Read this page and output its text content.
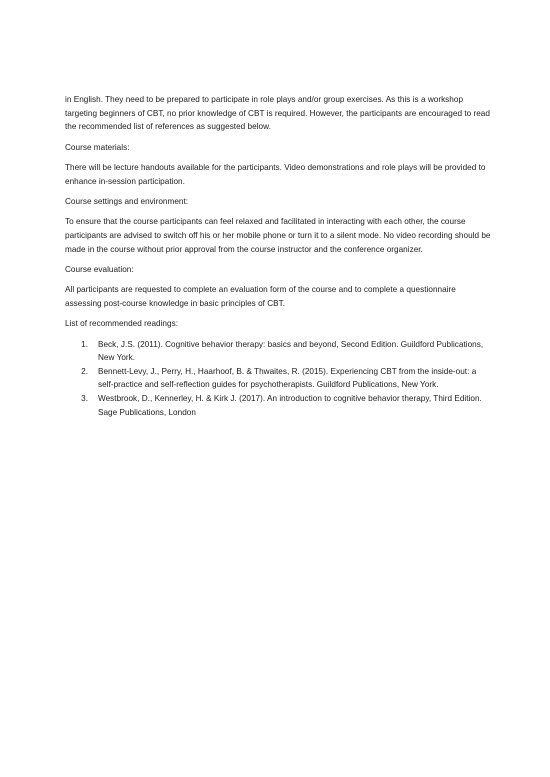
in English. They need to be prepared to participate in role plays and/or group exercises. As this is a workshop targeting beginners of CBT, no prior knowledge of CBT is required. However, the participants are encouraged to read the recommended list of references as suggested below.

Course materials:

There will be lecture handouts available for the participants. Video demonstrations and role plays will be provided to enhance in-session participation.

Course settings and environment:

To ensure that the course participants can feel relaxed and facilitated in interacting with each other, the course participants are advised to switch off his or her mobile phone or turn it to a silent mode. No video recording should be made in the course without prior approval from the course instructor and the conference organizer.

Course evaluation:

All participants are requested to complete an evaluation form of the course and to complete a questionnaire assessing post-course knowledge in basic principles of CBT.

List of recommended readings:

1.	Beck, J.S. (2011). Cognitive behavior therapy: basics and beyond, Second Edition. Guildford Publications, New York.
2.	Bennett-Levy, J., Perry, H., Haarhoof, B. & Thwaites, R. (2015). Experiencing CBT from the inside-out: a self-practice and self-reflection guides for psychotherapists. Guildford Publications, New York.
3.	Westbrook, D., Kennerley, H. & Kirk J. (2017). An introduction to cognitive behavior therapy, Third Edition. Sage Publications, London
